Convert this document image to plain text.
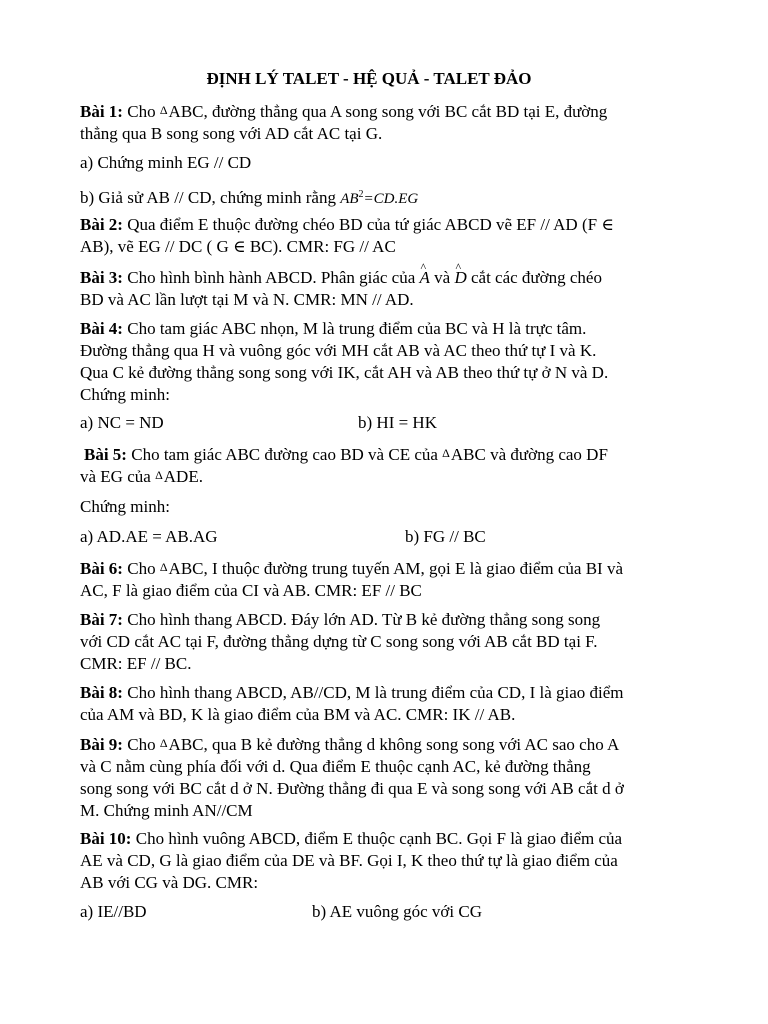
ĐỊNH LÝ TALET - HỆ QUẢ - TALET ĐẢO
Bài 1: Cho ΔABC, đường thẳng qua A song song với BC cắt BD tại E, đường
thẳng qua B song song với AD cắt AC tại G.
a) Chứng minh EG // CD
b) Giả sử AB // CD, chứng minh rằng $AB^2=CD.EG$
Bài 2: Qua điểm E thuộc đường chéo BD của tứ giác ABCD vẽ EF // AD (F ∈
AB), vẽ EG // DC ( G ∈ BC). CMR: FG // AC
Bài 3: Cho hình bình hành ABCD. Phân giác của ^ A và ^ D cắt các đường chéo
BD và AC lần lượt tại M và N. CMR: MN // AD.
Bài 4: Cho tam giác ABC nhọn, M là trung điểm của BC và H là trực tâm.
Đường thẳng qua H và vuông góc với MH cắt AB và AC theo thứ tự I và K.
Qua C kẻ đường thẳng song song với IK, cắt AH và AB theo thứ tự ở N và D.
Chứng minh:
a) NC = ND	b) HI = HK
Bài 5: Cho tam giác ABC đường cao BD và CE của ΔABC và đường cao DF
và EG của ΔADE.
Chứng minh:
a) AD.AE = AB.AG	b) FG // BC
Bài 6: Cho ΔABC, I thuộc đường trung tuyến AM, gọi E là giao điểm của BI và
AC, F là giao điểm của CI và AB. CMR: EF // BC
Bài 7: Cho hình thang ABCD. Đáy lớn AD. Từ B kẻ đường thẳng song song
với CD cắt AC tại F, đường thẳng dựng từ C song song với AB cắt BD tại F.
CMR: EF // BC.
Bài 8: Cho hình thang ABCD, AB//CD, M là trung điểm của CD, I là giao điểm
của AM và BD, K là giao điểm của BM và AC. CMR: IK // AB.
Bài 9: Cho ΔABC, qua B kẻ đường thẳng d không song song với AC sao cho A
và C nằm cùng phía đối với d. Qua điểm E thuộc cạnh AC, kẻ đường thẳng
song song với BC cắt d ở N. Đường thẳng đi qua E và song song với AB cắt d ở
M. Chứng minh AN//CM
Bài 10: Cho hình vuông ABCD, điểm E thuộc cạnh BC. Gọi F là giao điểm của
AE và CD, G là giao điểm của DE và BF. Gọi I, K theo thứ tự là giao điểm của
AB với CG và DG. CMR:
a) IE//BD	b) AE vuông góc với CG
